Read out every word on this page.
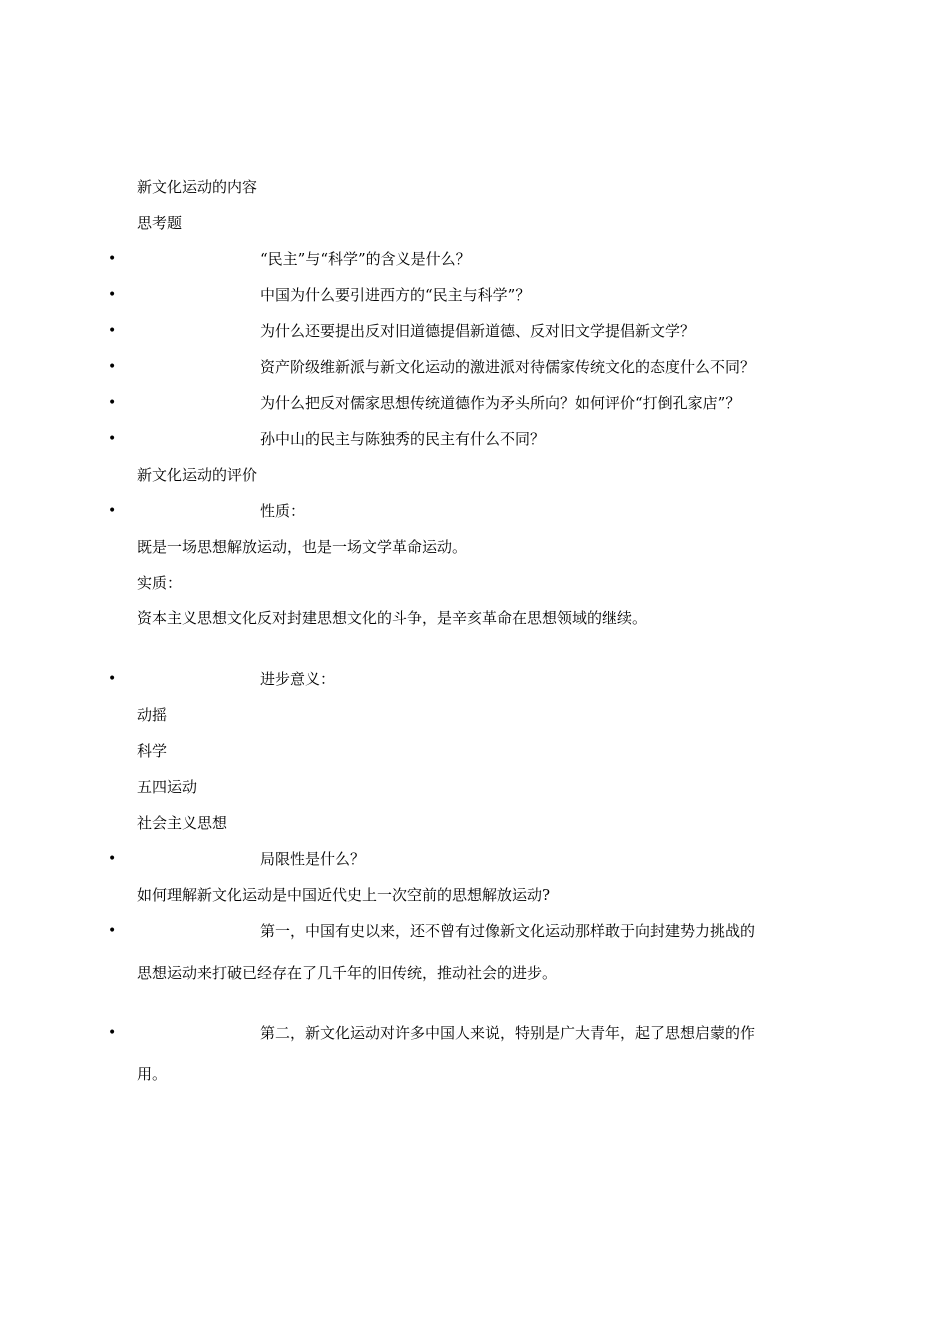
新文化运动的内容
思考题
•	“民主”与“科学”的含义是什么？
•	中国为什么要引进西方的“民主与科学”？
•	为什么还要提出反对旧道德提倡新道德、反对旧文学提倡新文学？
•	资产阶级维新派与新文化运动的激进派对待儒家传统文化的态度什么不同？
•	为什么把反对儒家思想传统道德作为矛头所向？如何评价“打倒孔家店”？
•	孙中山的民主与陈独秀的民主有什么不同？
新文化运动的评价
•	性质：
既是一场思想解放运动，也是一场文学革命运动。
实质：
资本主义思想文化反对封建思想文化的斗争，是辛亥革命在思想领域的继续。
•	进步意义：
动摇
科学
五四运动
社会主义思想
•	局限性是什么？
如何理解新文化运动是中国近代史上一次空前的思想解放运动?
•	第一，中国有史以来，还不曾有过像新文化运动那样敢于向封建势力挑战的
思想运动来打破已经存在了几千年的旧传统，推动社会的进步。
•	第二，新文化运动对许多中国人来说，特别是广大青年，起了思想启蒙的作
用。
